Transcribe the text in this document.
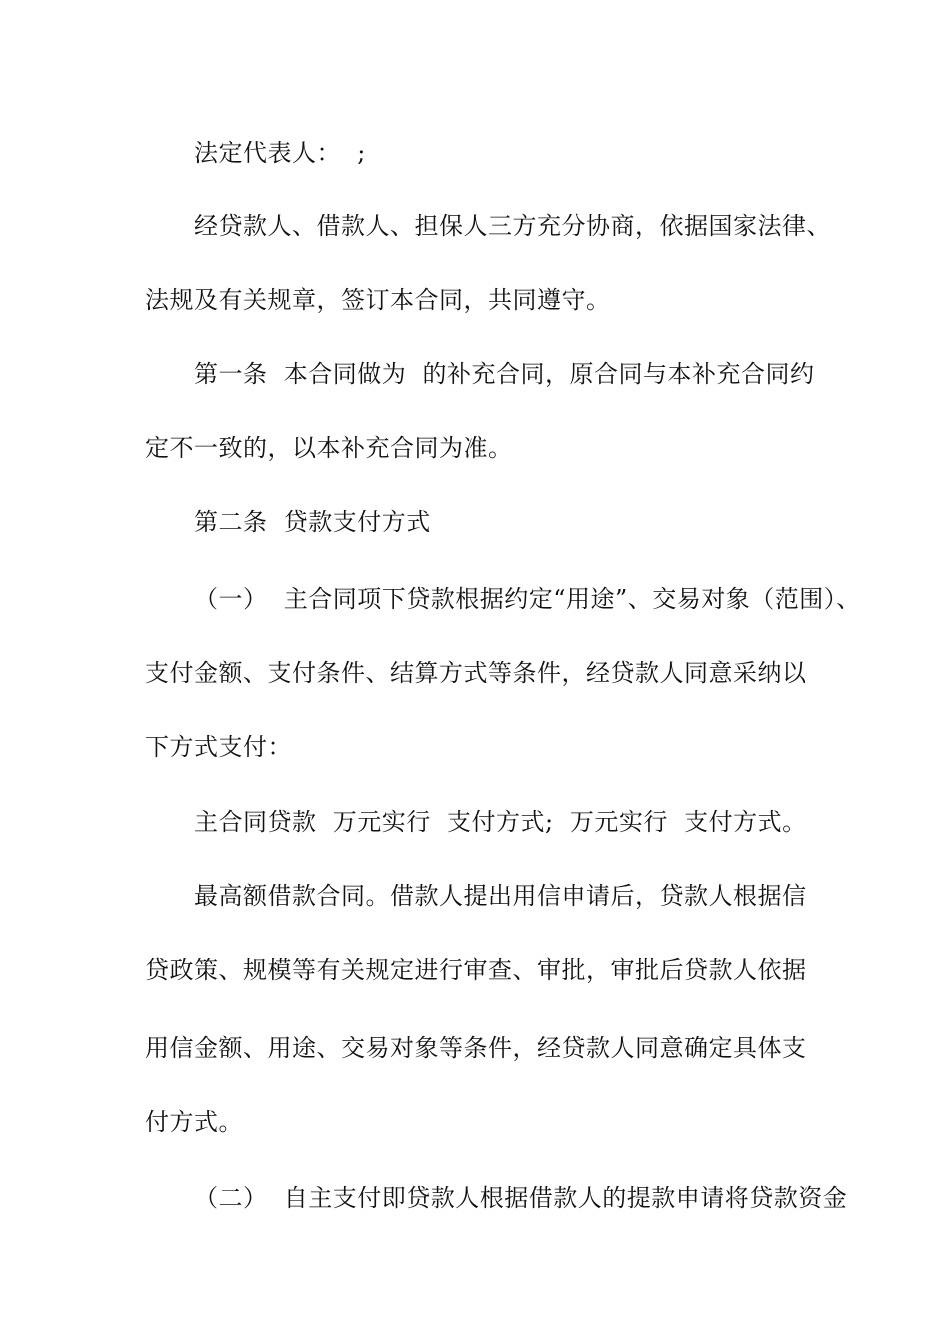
法定代表人：  ;
经贷款人、借款人、担保人三方充分协商，依据国家法律、
法规及有关规章，签订本合同，共同遵守。
第一条  本合同做为  的补充合同，原合同与本补充合同约
定不一致的，以本补充合同为准。
第二条  贷款支付方式
（一）  主合同项下贷款根据约定“用途”、交易对象（范围）、
支付金额、支付条件、结算方式等条件，经贷款人同意采纳以
下方式支付：
主合同贷款  万元实行  支付方式;  万元实行  支付方式。
最高额借款合同。借款人提出用信申请后，贷款人根据信
贷政策、规模等有关规定进行审查、审批，审批后贷款人依据
用信金额、用途、交易对象等条件，经贷款人同意确定具体支
付方式。
（二）  自主支付即贷款人根据借款人的提款申请将贷款资金
